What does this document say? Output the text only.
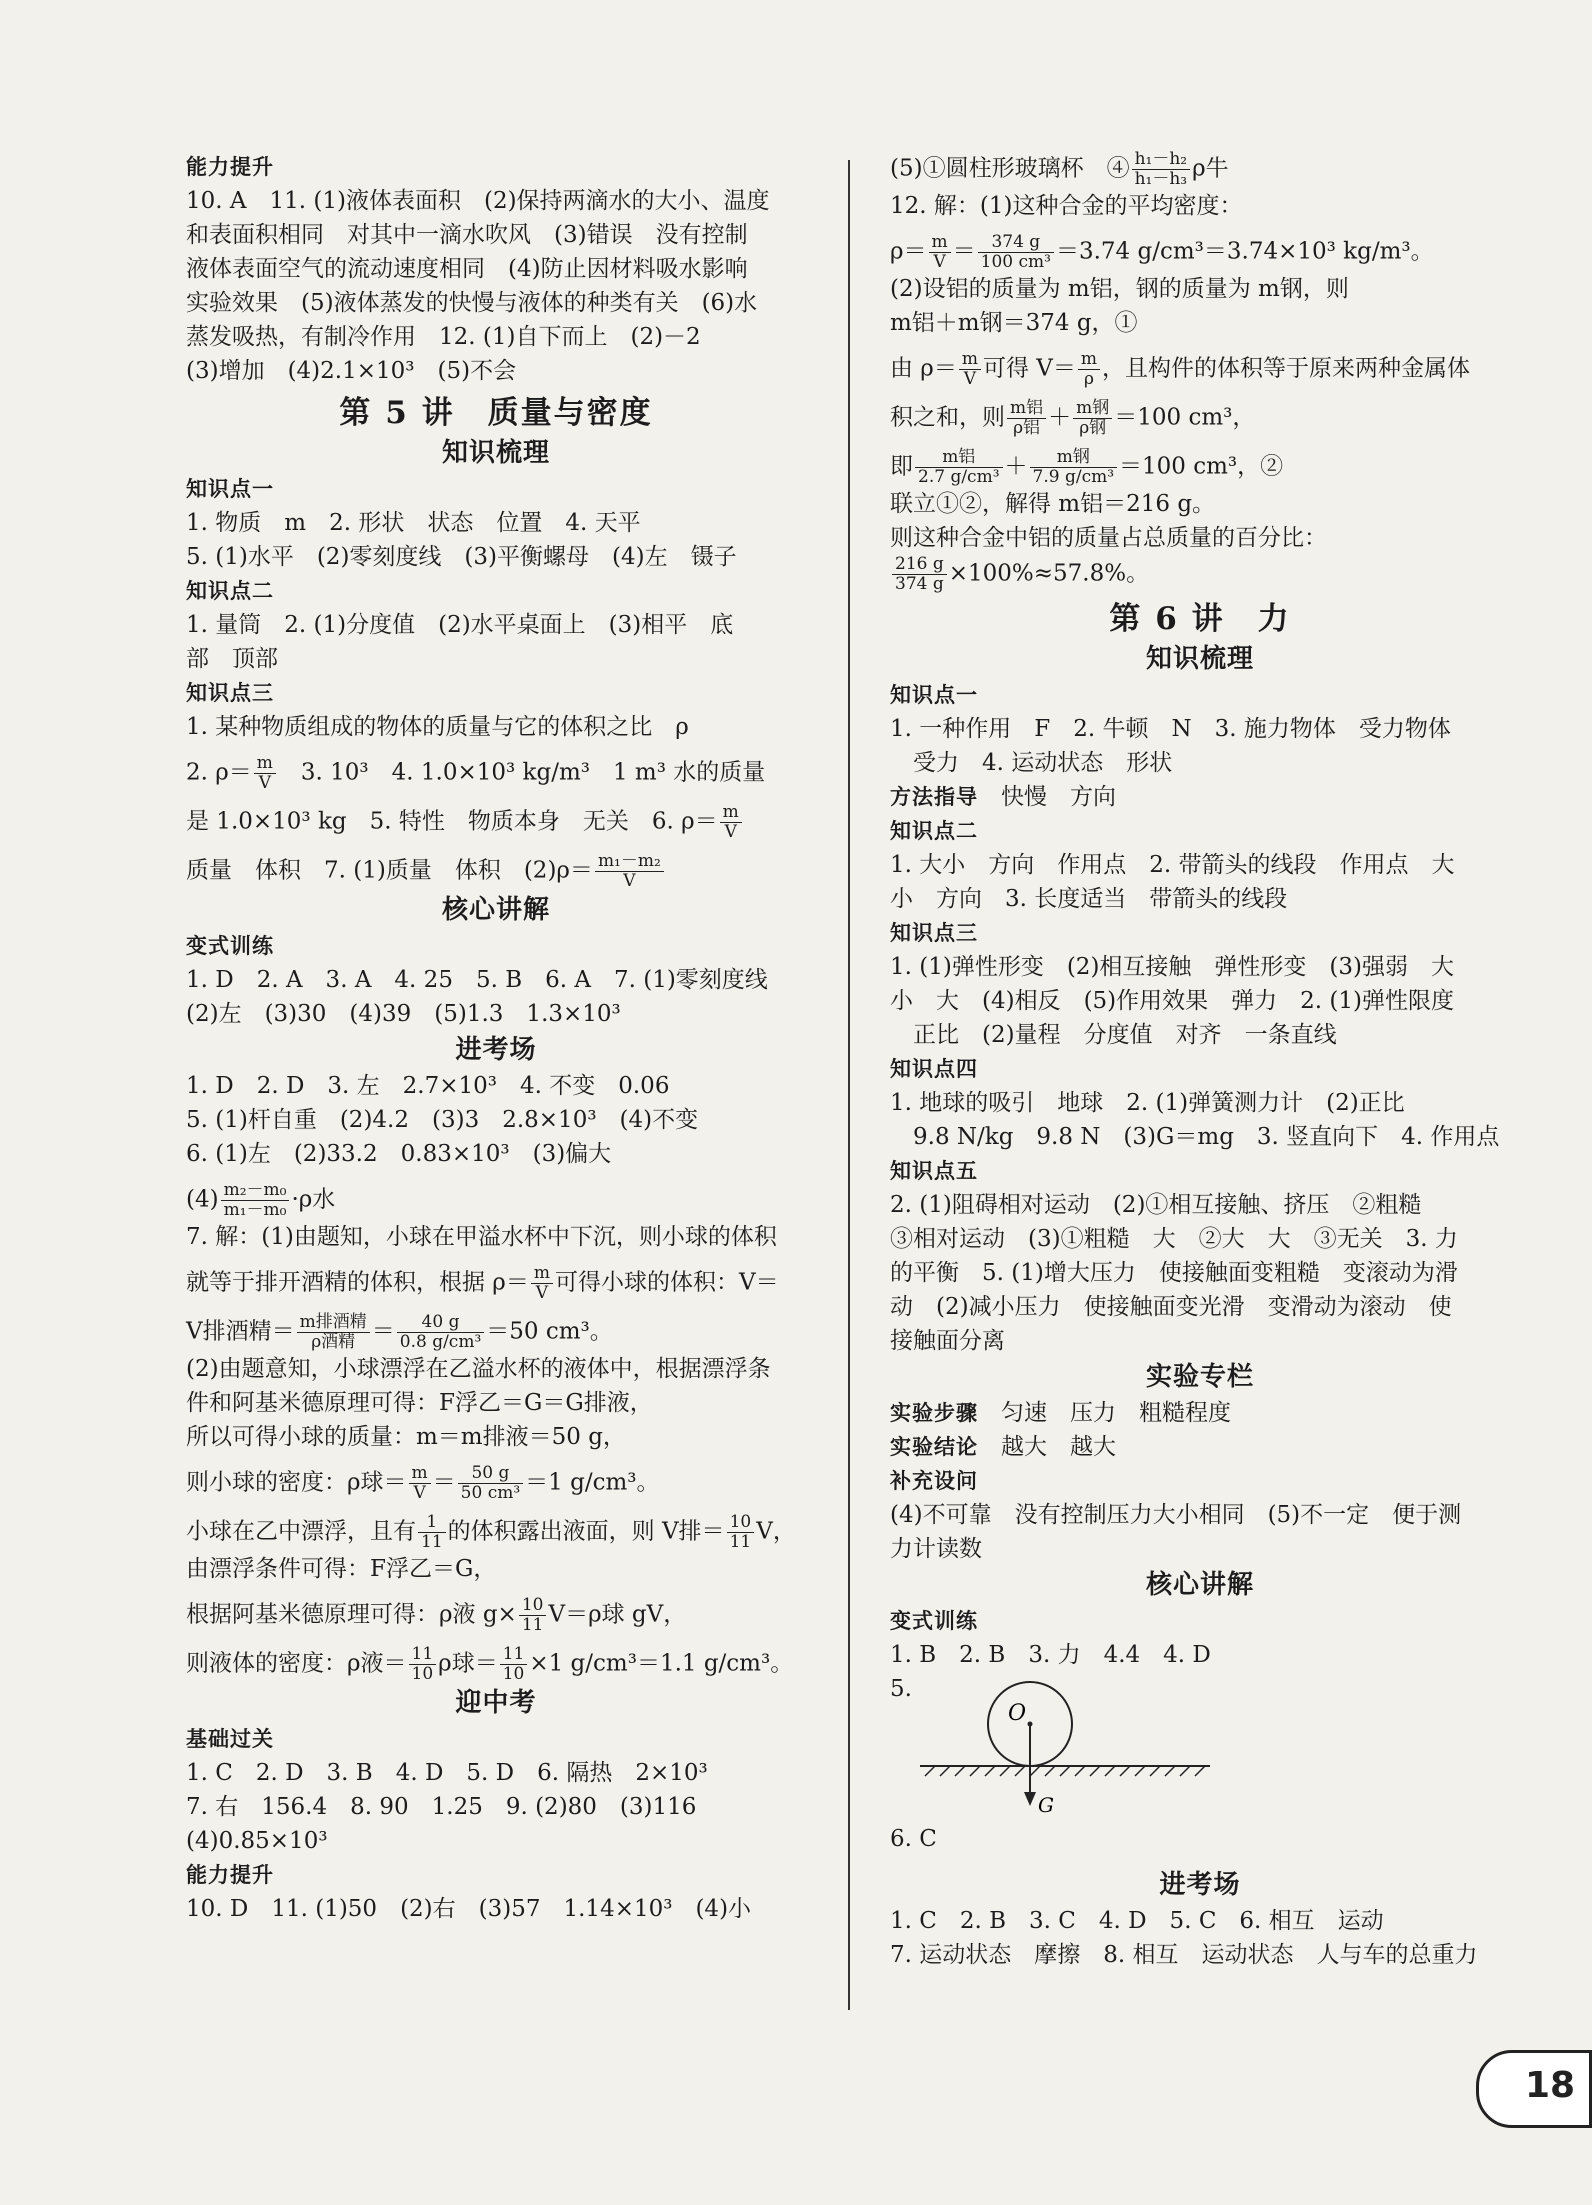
能力提升
10. A　11. (1)液体表面积　(2)保持两滴水的大小、温度
和表面积相同　对其中一滴水吹风　(3)错误　没有控制
液体表面空气的流动速度相同　(4)防止因材料吸水影响
实验效果　(5)液体蒸发的快慢与液体的种类有关　(6)水
蒸发吸热，有制冷作用　12. (1)自下而上　(2)－2
(3)增加　(4)2.1×10³　(5)不会
第 5 讲　质量与密度
知识梳理
知识点一
1. 物质　m　2. 形状　状态　位置　4. 天平
5. (1)水平　(2)零刻度线　(3)平衡螺母　(4)左　镊子
知识点二
1. 量筒　2. (1)分度值　(2)水平桌面上　(3)相平　底
部　顶部
知识点三
1. 某种物质组成的物体的质量与它的体积之比　ρ
2. $\rho= \frac{m}{V}$ 　3. 10³　4. 1.0×10³ kg/m³　1 m³ 水的质量
是 1.0×10³ kg　5. 特性　物质本身　无关　6. $\rho= \frac{m}{V}$
质量　体积　7. (1)质量　体积　$(2)\rho= \frac{\text{m₁－m₂}}{V}$
核心讲解
变式训练
1. D　2. A　3. A　4. 25　5. B　6. A　7. (1)零刻度线
(2)左　(3)30　(4)39　(5)1.3　1.3×10³
进考场
1. D　2. D　3. 左　2.7×10³　4. 不变　0.06
5. (1)杆自重　(2)4.2　(3)3　2.8×10³　(4)不变
6. (1)左　(2)33.2　0.83×10³　(3)偏大
$(4) \frac{\text{m₂－m₀}}{\text{m₁－m₀}} \cdot\rho$水
7. 解：(1)由题知，小球在甲溢水杯中下沉，则小球的体积
就等于排开酒精的体积，根据 $\rho= \frac{m}{V}$ 可得小球的体积：V＝
V排酒精＝ $\frac{\text{m排酒精}}{\text{ρ酒精}} = \frac{40 g}{\text{0.8 g/cm³}} =50$ cm³。
(2)由题意知，小球漂浮在乙溢水杯的液体中，根据漂浮条
件和阿基米德原理可得：F浮乙＝G＝G排液，
所以可得小球的质量：m＝m排液＝50 g，
则小球的密度：ρ球＝ $\frac{m}{V} = \frac{50 g}{\text{50 cm³}} =1$ g/cm³。
小球在乙中漂浮，且有 $\frac{1}{11}$ 的体积露出液面，则 V排＝ $\frac{10}{11}$ V，
由漂浮条件可得：F浮乙＝G，
根据阿基米德原理可得：ρ液 $g\times \frac{10}{11} V=\rho$球 gV，
则液体的密度：ρ液＝ $\frac{11}{10}$ ρ球＝ $\frac{11}{10} \times 1$ g/cm³＝1.1 g/cm³。
迎中考
基础过关
1. C　2. D　3. B　4. D　5. D　6. 隔热　2×10³
7. 右　156.4　8. 90　1.25　9. (2)80　(3)116
(4)0.85×10³
能力提升
10. D　11. (1)50　(2)右　(3)57　1.14×10³　(4)小
(5)①圆柱形玻璃杯　④ $\frac{\text{h₁－h₂}}{\text{h₁－h₃}}$ ρ牛
12. 解：(1)这种合金的平均密度：
$\rho= \frac{m}{V} = \frac{374 g}{\text{100 cm³}} =3.74$ g/cm³＝3.74×10³ kg/m³。
(2)设铝的质量为 m铝，钢的质量为 m钢，则
m铝＋m钢＝374 g，①
由 $\rho= \frac{m}{V}$ 可得 $V= \frac{m}{\rho}$ ，且构件的体积等于原来两种金属体
积之和，则 $\frac{\text{m铝}}{\text{ρ铝}} + \frac{\text{m钢}}{\text{ρ钢}} =100$ cm³，
即 $\frac{\text{m铝}}{\text{2.7 g/cm³}} + \frac{\text{m钢}}{\text{7.9 g/cm³}} =100$ cm³，②
联立①②，解得 m铝＝216 g。
则这种合金中铝的质量占总质量的百分比：
$\frac{216 g}{374 g} \times 100\%\approx 57.8\%$。
第 6 讲　力
知识梳理
知识点一
1. 一种作用　F　2. 牛顿　N　3. 施力物体　受力物体
　受力　4. 运动状态　形状
方法指导　快慢　方向
知识点二
1. 大小　方向　作用点　2. 带箭头的线段　作用点　大
小　方向　3. 长度适当　带箭头的线段
知识点三
1. (1)弹性形变　(2)相互接触　弹性形变　(3)强弱　大
小　大　(4)相反　(5)作用效果　弹力　2. (1)弹性限度
　正比　(2)量程　分度值　对齐　一条直线
知识点四
1. 地球的吸引　地球　2. (1)弹簧测力计　(2)正比
　9.8 N/kg　9.8 N　(3)G＝mg　3. 竖直向下　4. 作用点
知识点五
2. (1)阻碍相对运动　(2)①相互接触、挤压　②粗糙
③相对运动　(3)①粗糙　大　②大　大　③无关　3. 力
的平衡　5. (1)增大压力　使接触面变粗糙　变滚动为滑
动　(2)减小压力　使接触面变光滑　变滑动为滚动　使
接触面分离
实验专栏
实验步骤　匀速　压力　粗糙程度
实验结论　越大　越大
补充设问
(4)不可靠　没有控制压力大小相同　(5)不一定　便于测
力计读数
核心讲解
变式训练
1. B　2. B　3. 力　4.4　4. D
5.
O
G
6. C
进考场
1. C　2. B　3. C　4. D　5. C　6. 相互　运动
7. 运动状态　摩擦　8. 相互　运动状态　人与车的总重力
18
